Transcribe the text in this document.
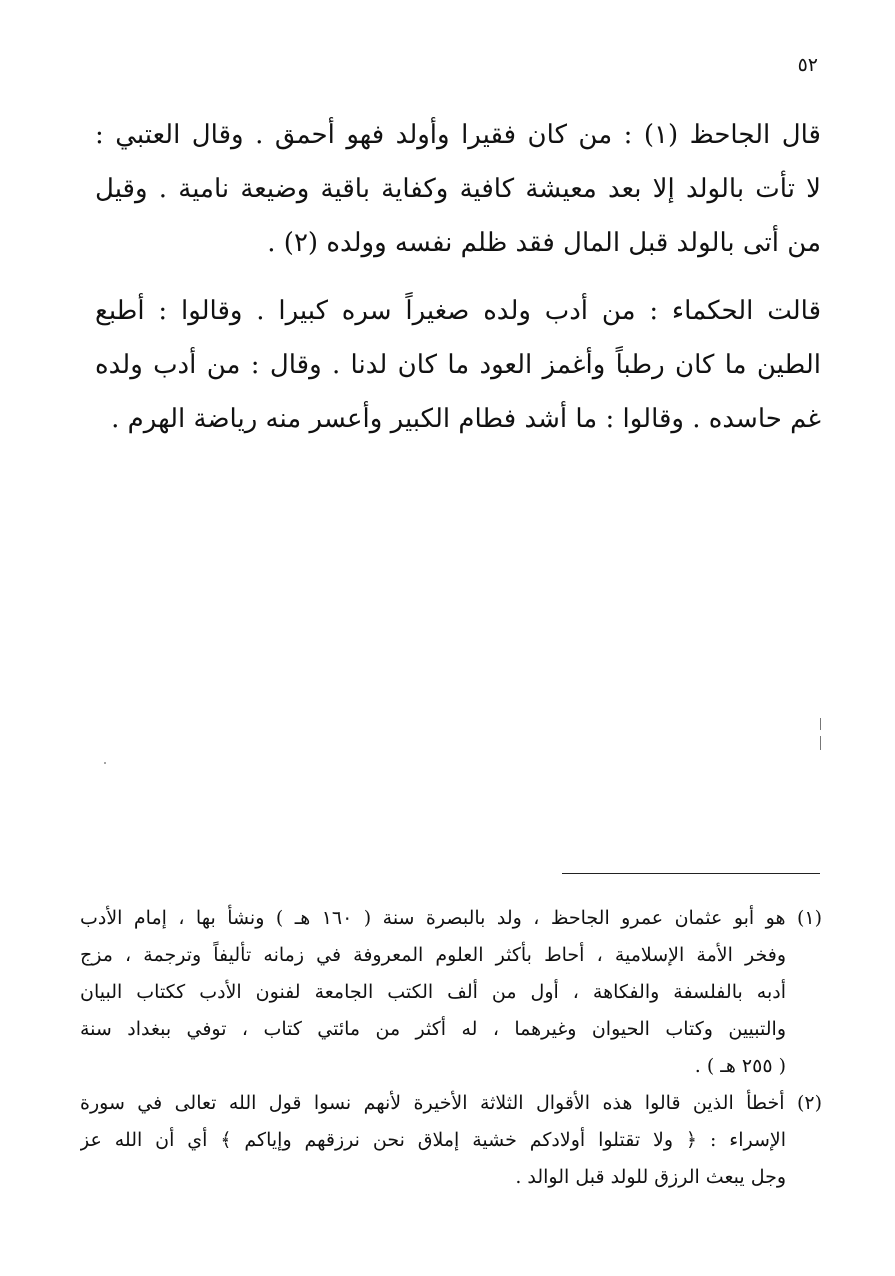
٥٢
قال الجاحظ (١) : من كان فقيرا وأولد فهو أحمق . وقال العتبي :
لا تأت بالولد إلا بعد معيشة كافية وكفاية باقية وضيعة نامية . وقيل
من أتى بالولد قبل المال فقد ظلم نفسه وولده (٢) .
قالت الحكماء : من أدب ولده صغيراً سره كبيرا . وقالوا : أطبع
الطين ما كان رطباً وأغمز العود ما كان لدنا . وقال : من أدب ولده
غم حاسده . وقالوا : ما أشد فطام الكبير وأعسر منه رياضة الهرم .
(١) هو أبو عثمان عمرو الجاحظ ، ولد بالبصرة سنة ( ١٦٠ هـ ) ونشأ بها ، إمام الأدب
وفخر الأمة الإسلامية ، أحاط بأكثر العلوم المعروفة في زمانه تأليفاً وترجمة ، مزج
أدبه بالفلسفة والفكاهة ، أول من ألف الكتب الجامعة لفنون الأدب ككتاب البيان
والتبيين وكتاب الحيوان وغيرهما ، له أكثر من مائتي كتاب ، توفي ببغداد سنة
( ٢٥٥ هـ ) .
(٢) أخطأ الذين قالوا هذه الأقوال الثلاثة الأخيرة لأنهم نسوا قول الله تعالى في سورة
الإسراء : ﴿ ولا تقتلوا أولادكم خشية إملاق نحن نرزقهم وإياكم ﴾ أي أن الله عز
وجل يبعث الرزق للولد قبل الوالد .
